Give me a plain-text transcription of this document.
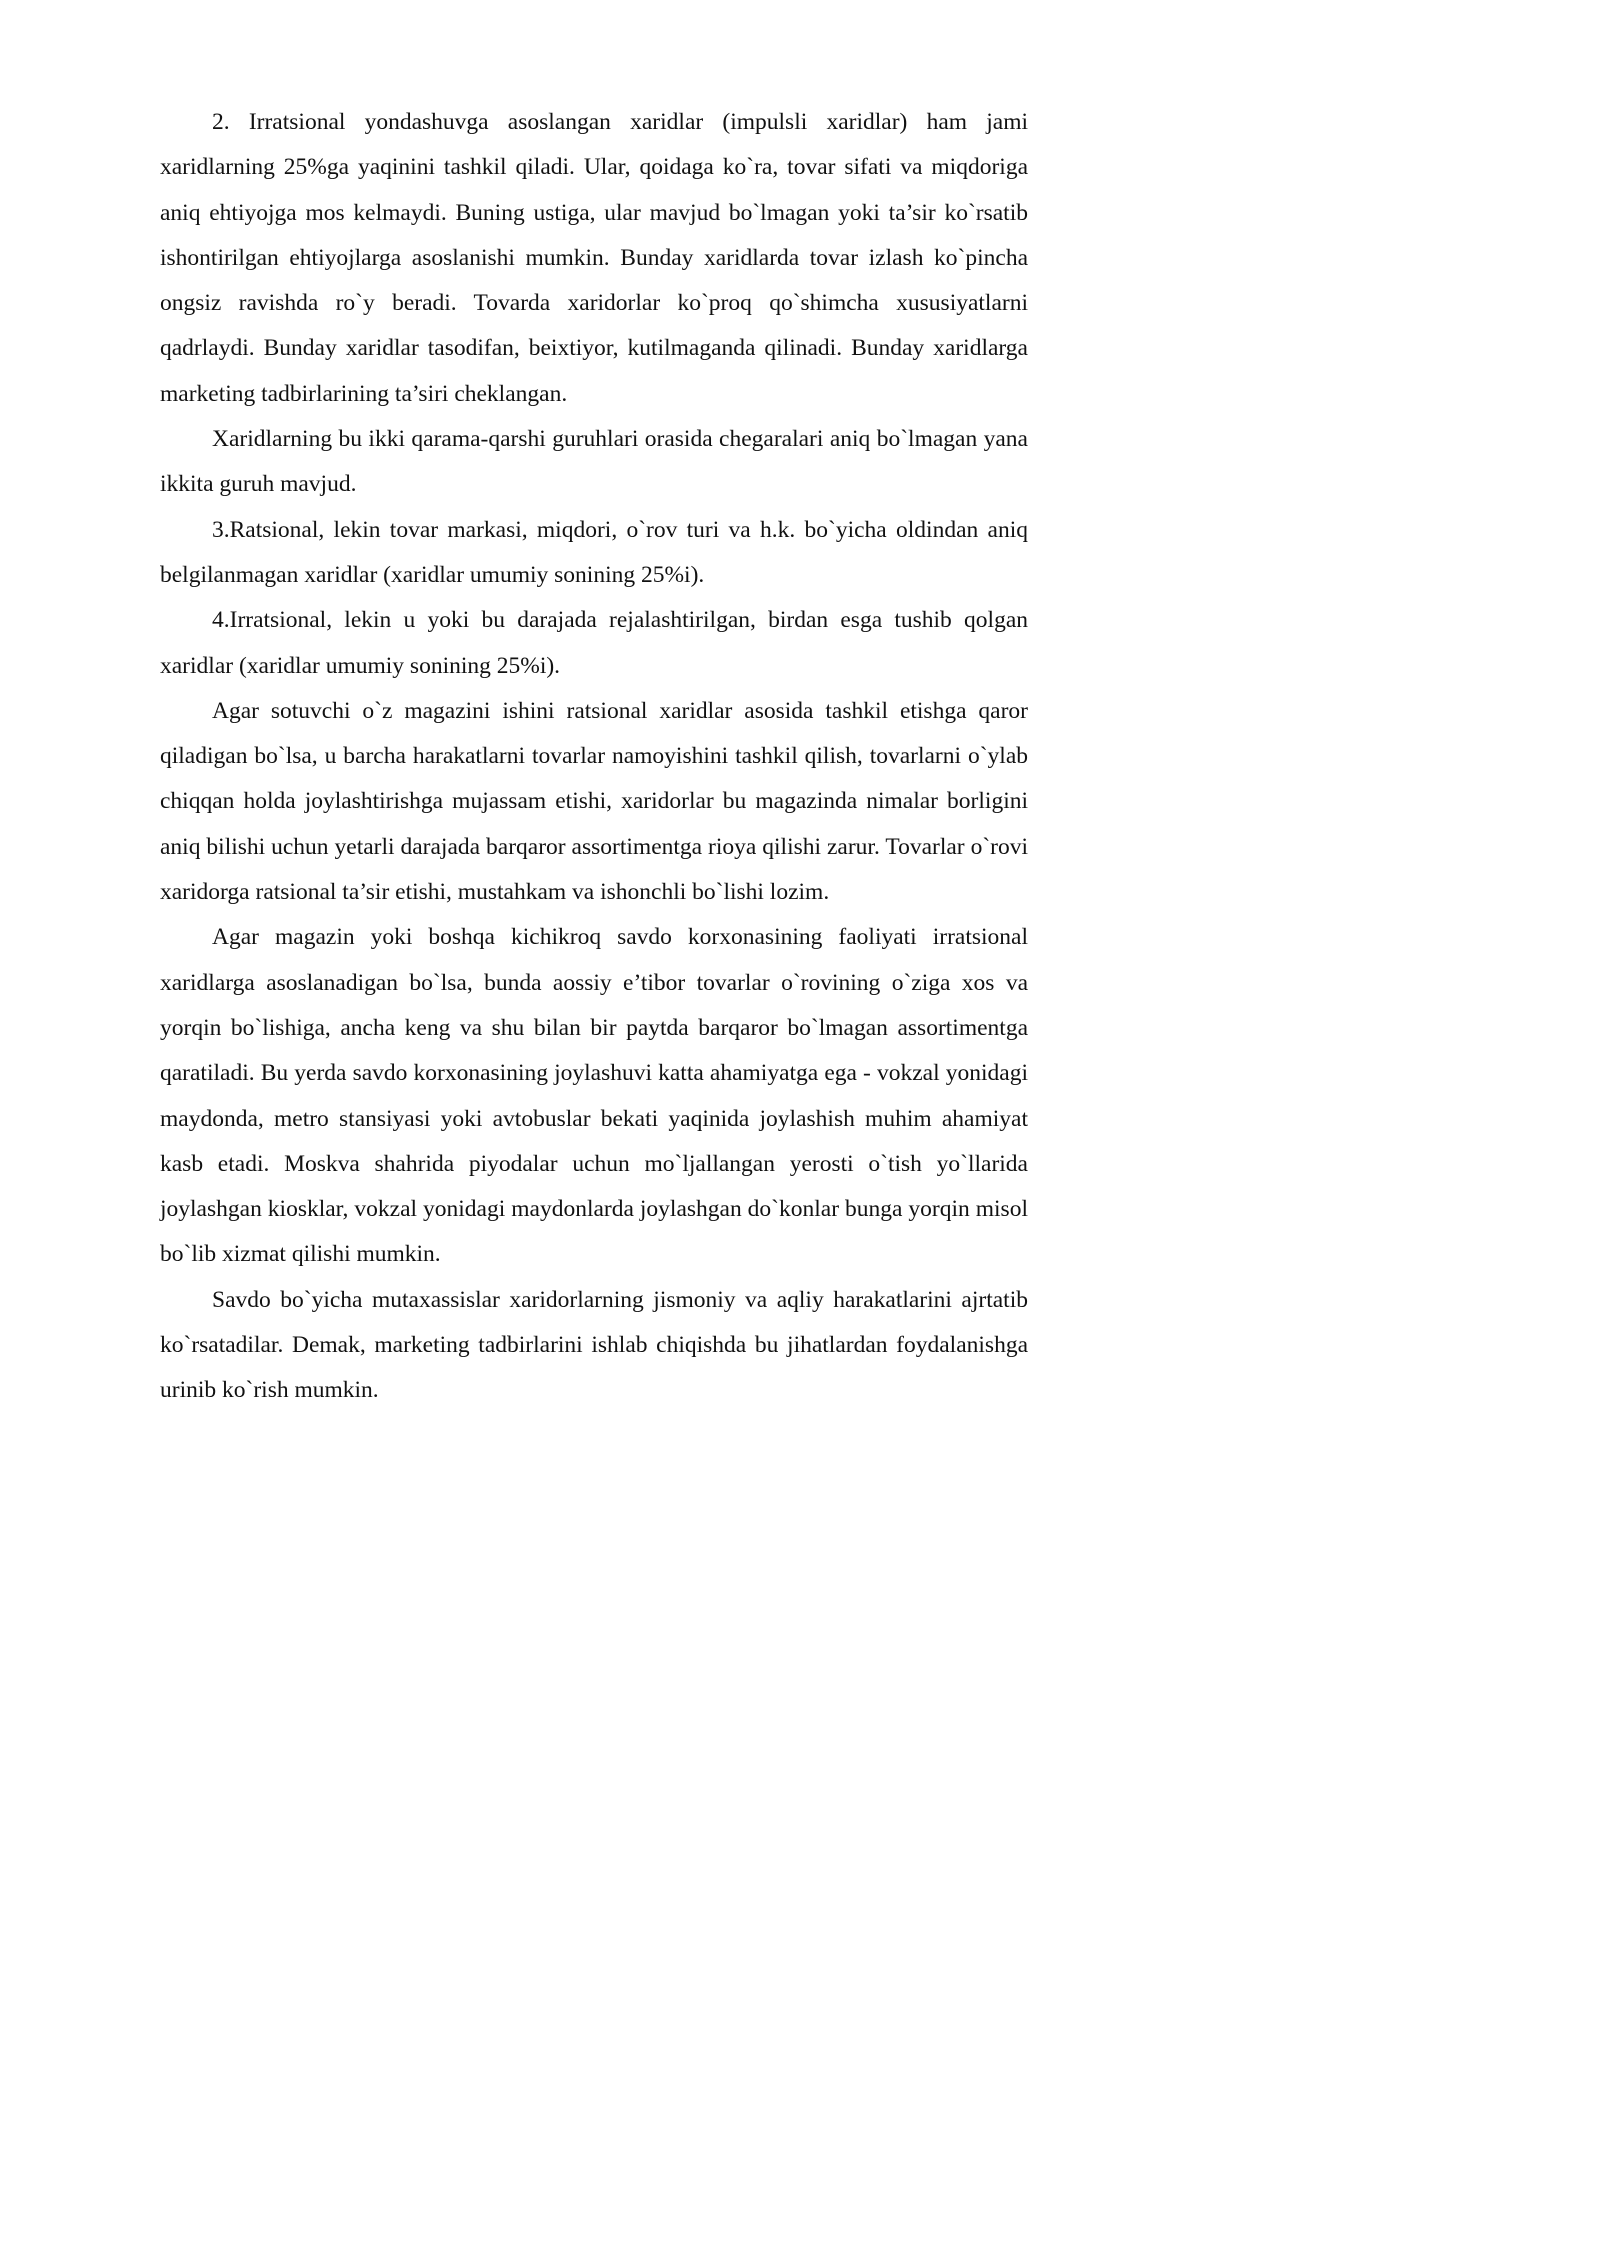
2. Irratsional yondashuvga asoslangan xaridlar (impulsli xaridlar) ham jami xaridlarning 25%ga yaqinini tashkil qiladi. Ular, qoidaga ko`ra, tovar sifati va miqdoriga aniq ehtiyojga mos kelmaydi. Buning ustiga, ular mavjud bo`lmagan yoki ta’sir ko`rsatib ishontirilgan ehtiyojlarga asoslanishi mumkin. Bunday xaridlarda tovar izlash ko`pincha ongsiz ravishda ro`y beradi. Tovarda xaridorlar ko`proq qo`shimcha xususiyatlarni qadrlaydi. Bunday xaridlar tasodifan, beixtiyor, kutilmaganda qilinadi. Bunday xaridlarga marketing tadbirlarining ta’siri cheklangan.

Xaridlarning bu ikki qarama-qarshi guruhlari orasida chegaralari aniq bo`lmagan yana ikkita guruh mavjud.

3.Ratsional, lekin tovar markasi, miqdori, o`rov turi va h.k. bo`yicha oldindan aniq belgilanmagan xaridlar (xaridlar umumiy sonining 25%i).

4.Irratsional, lekin u yoki bu darajada rejalashtirilgan, birdan esga tushib qolgan xaridlar (xaridlar umumiy sonining 25%i).

Agar sotuvchi o`z magazini ishini ratsional xaridlar asosida tashkil etishga qaror qiladigan bo`lsa, u barcha harakatlarni tovarlar namoyishini tashkil qilish, tovarlarni o`ylab chiqqan holda joylashtirishga mujassam etishi, xaridorlar bu magazinda nimalar borligini aniq bilishi uchun yetarli darajada barqaror assortimentga rioya qilishi zarur. Tovarlar o`rovi xaridorga ratsional ta’sir etishi, mustahkam va ishonchli bo`lishi lozim.

Agar magazin yoki boshqa kichikroq savdo korxonasining faoliyati irratsional xaridlarga asoslanadigan bo`lsa, bunda aossiy e’tibor tovarlar o`rovining o`ziga xos va yorqin bo`lishiga, ancha keng va shu bilan bir paytda barqaror bo`lmagan assortimentga qaratiladi. Bu yerda savdo korxonasining joylashuvi katta ahamiyatga ega - vokzal yonidagi maydonda, metro stansiyasi yoki avtobuslar bekati yaqinida joylashish muhim ahamiyat kasb etadi. Moskva shahrida piyodalar uchun mo`ljallangan yerosti o`tish yo`llarida joylashgan kiosklar, vokzal yonidagi maydonlarda joylashgan do`konlar bunga yorqin misol bo`lib xizmat qilishi mumkin.

Savdo bo`yicha mutaxassislar xaridorlarning jismoniy va aqliy harakatlarini ajrtatib ko`rsatadilar. Demak, marketing tadbirlarini ishlab chiqishda bu jihatlardan foydalanishga urinib ko`rish mumkin.
